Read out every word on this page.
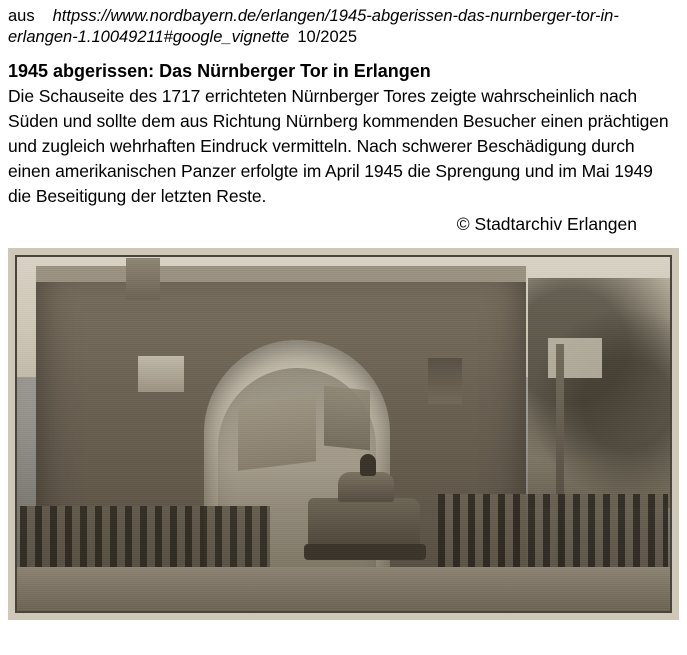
aus httpss://www.nordbayern.de/erlangen/1945-abgerissen-das-nurnberger-tor-in-erlangen-1.10049211#google_vignette 10/2025
1945 abgerissen: Das Nürnberger Tor in Erlangen

Die Schauseite des 1717 errichteten Nürnberger Tores zeigte wahrscheinlich nach Süden und sollte dem aus Richtung Nürnberg kommenden Besucher einen prächtigen und zugleich wehrhaften Eindruck vermitteln. Nach schwerer Beschädigung durch einen amerikanischen Panzer erfolgte im April 1945 die Sprengung und im Mai 1949 die Beseitigung der letzten Reste.

© Stadtarchiv Erlangen
